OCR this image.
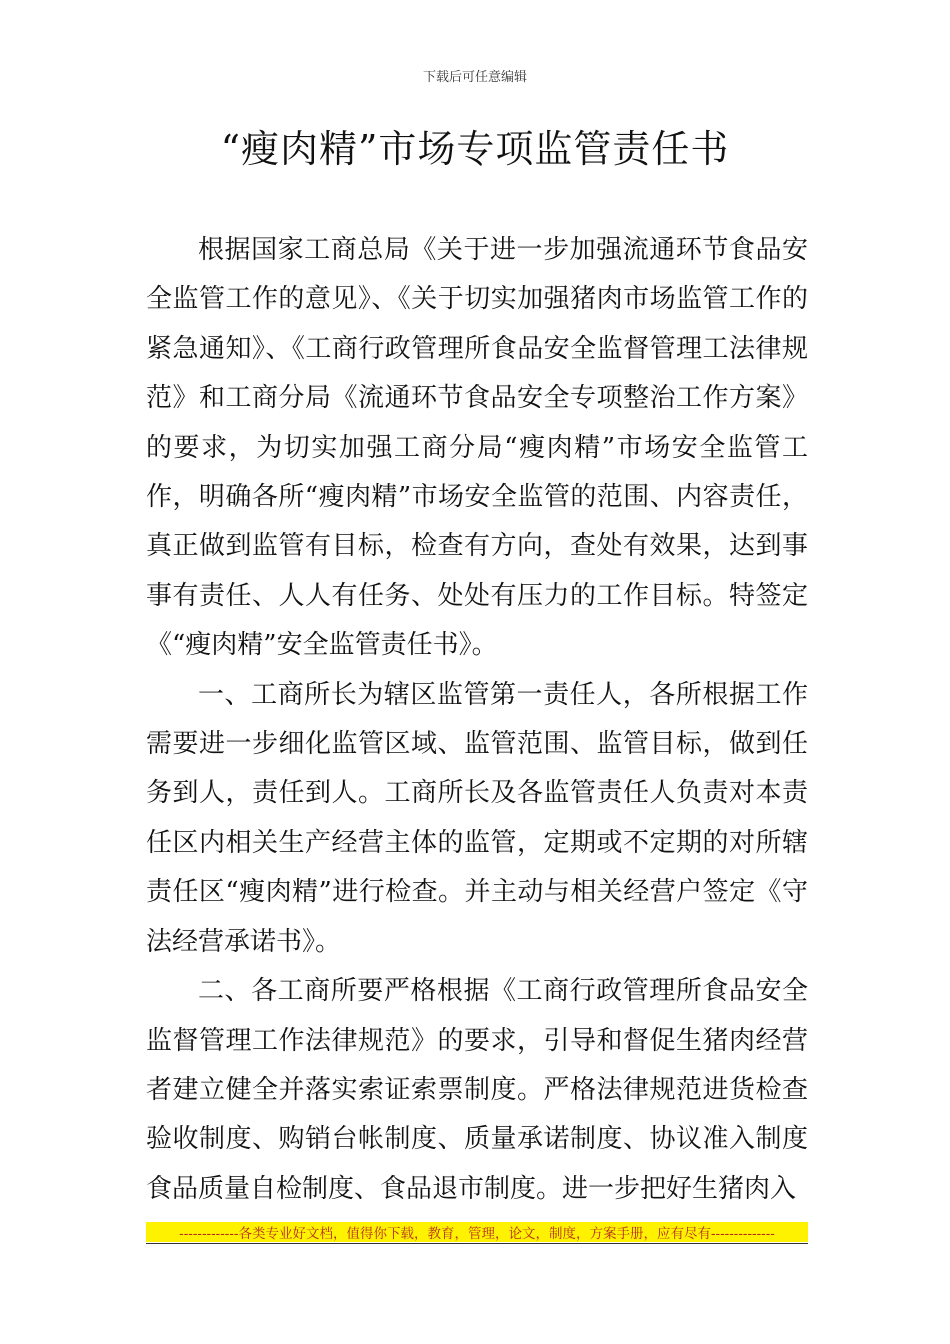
下载后可任意编辑
“瘦肉精”市场专项监管责任书

根据国家工商总局《关于进一步加强流通环节食品安全监管工作的意见》、《关于切实加强猪肉市场监管工作的紧急通知》、《工商行政管理所食品安全监督管理工法律规范》和工商分局《流通环节食品安全专项整治工作方案》的要求，为切实加强工商分局“瘦肉精”市场安全监管工作，明确各所“瘦肉精”市场安全监管的范围、内容责任，真正做到监管有目标，检查有方向，查处有效果，达到事事有责任、人人有任务、处处有压力的工作目标。特签定《“瘦肉精”安全监管责任书》。

一、工商所长为辖区监管第一责任人，各所根据工作需要进一步细化监管区域、监管范围、监管目标，做到任务到人，责任到人。工商所长及各监管责任人负责对本责任区内相关生产经营主体的监管，定期或不定期的对所辖责任区“瘦肉精”进行检查。并主动与相关经营户签定《守法经营承诺书》。

二、各工商所要严格根据《工商行政管理所食品安全监督管理工作法律规范》的要求，引导和督促生猪肉经营者建立健全并落实索证索票制度。严格法律规范进货检查验收制度、购销台帐制度、质量承诺制度、协议准入制度食品质量自检制度、食品退市制度。进一步把好生猪肉入

-------------各类专业好文档，值得你下载，教育，管理，论文，制度，方案手册，应有尽有--------------
